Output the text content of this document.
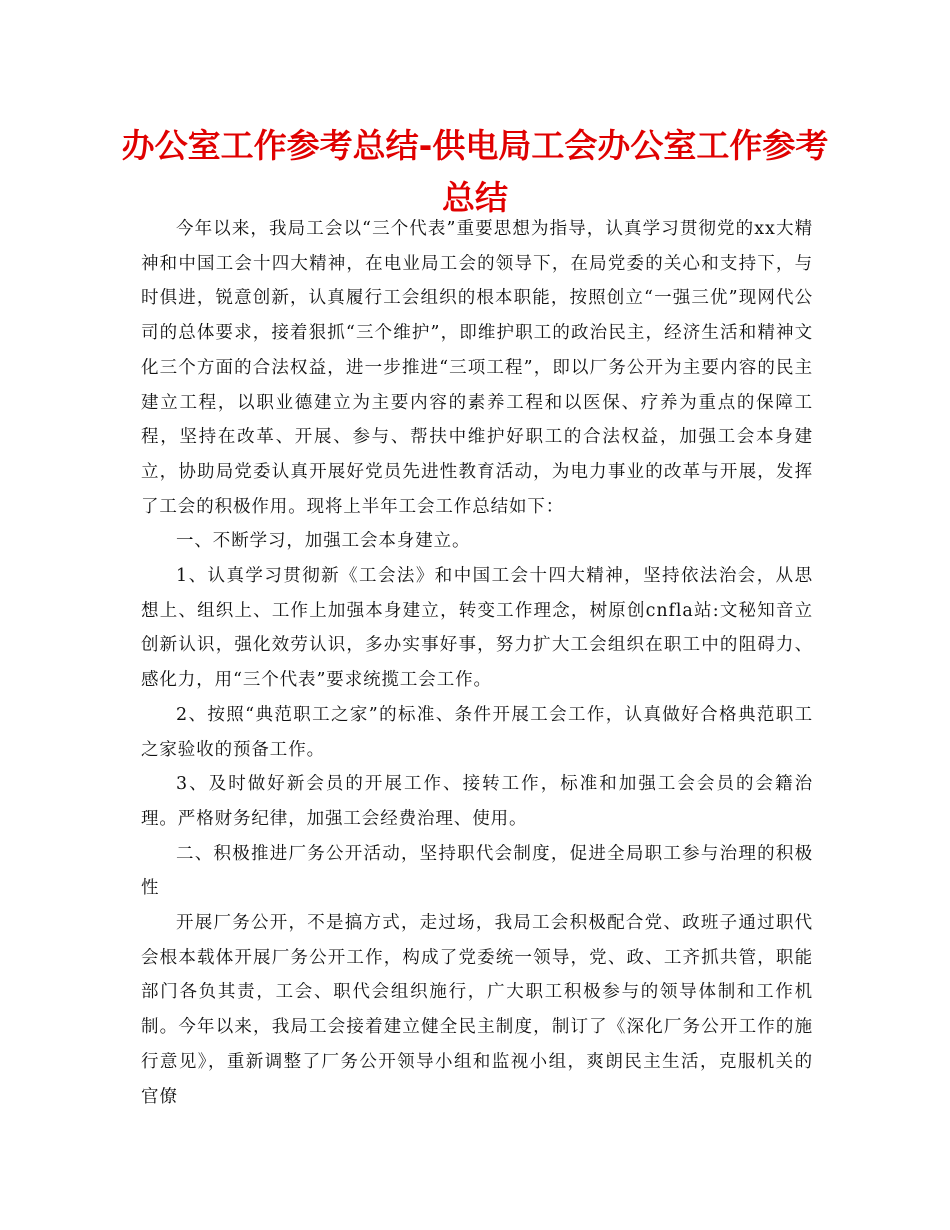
办公室工作参考总结-供电局工会办公室工作参考总结

今年以来，我局工会以“三个代表”重要思想为指导，认真学习贯彻党的xx大精神和中国工会十四大精神，在电业局工会的领导下，在局党委的关心和支持下，与时俱进，锐意创新，认真履行工会组织的根本职能，按照创立“一强三优”现网代公司的总体要求，接着狠抓“三个维护”，即维护职工的政治民主，经济生活和精神文化三个方面的合法权益，进一步推进“三项工程”，即以厂务公开为主要内容的民主建立工程，以职业德建立为主要内容的素养工程和以医保、疗养为重点的保障工程，坚持在改革、开展、参与、帮扶中维护好职工的合法权益，加强工会本身建立，协助局党委认真开展好党员先进性教育活动，为电力事业的改革与开展，发挥了工会的积极作用。现将上半年工会工作总结如下：

一、不断学习，加强工会本身建立。

1、认真学习贯彻新《工会法》和中国工会十四大精神，坚持依法治会，从思想上、组织上、工作上加强本身建立，转变工作理念，树原创cnfla站:文秘知音立创新认识，强化效劳认识，多办实事好事，努力扩大工会组织在职工中的阻碍力、感化力，用“三个代表”要求统揽工会工作。

2、按照“典范职工之家”的标准、条件开展工会工作，认真做好合格典范职工之家验收的预备工作。

3、及时做好新会员的开展工作、接转工作，标准和加强工会会员的会籍治理。严格财务纪律，加强工会经费治理、使用。

二、积极推进厂务公开活动，坚持职代会制度，促进全局职工参与治理的积极性

开展厂务公开，不是搞方式，走过场，我局工会积极配合党、政班子通过职代会根本载体开展厂务公开工作，构成了党委统一领导，党、政、工齐抓共管，职能部门各负其责，工会、职代会组织施行，广大职工积极参与的领导体制和工作机制。今年以来，我局工会接着建立健全民主制度，制订了《深化厂务公开工作的施行意见》，重新调整了厂务公开领导小组和监视小组，爽朗民主生活，克服机关的官僚
